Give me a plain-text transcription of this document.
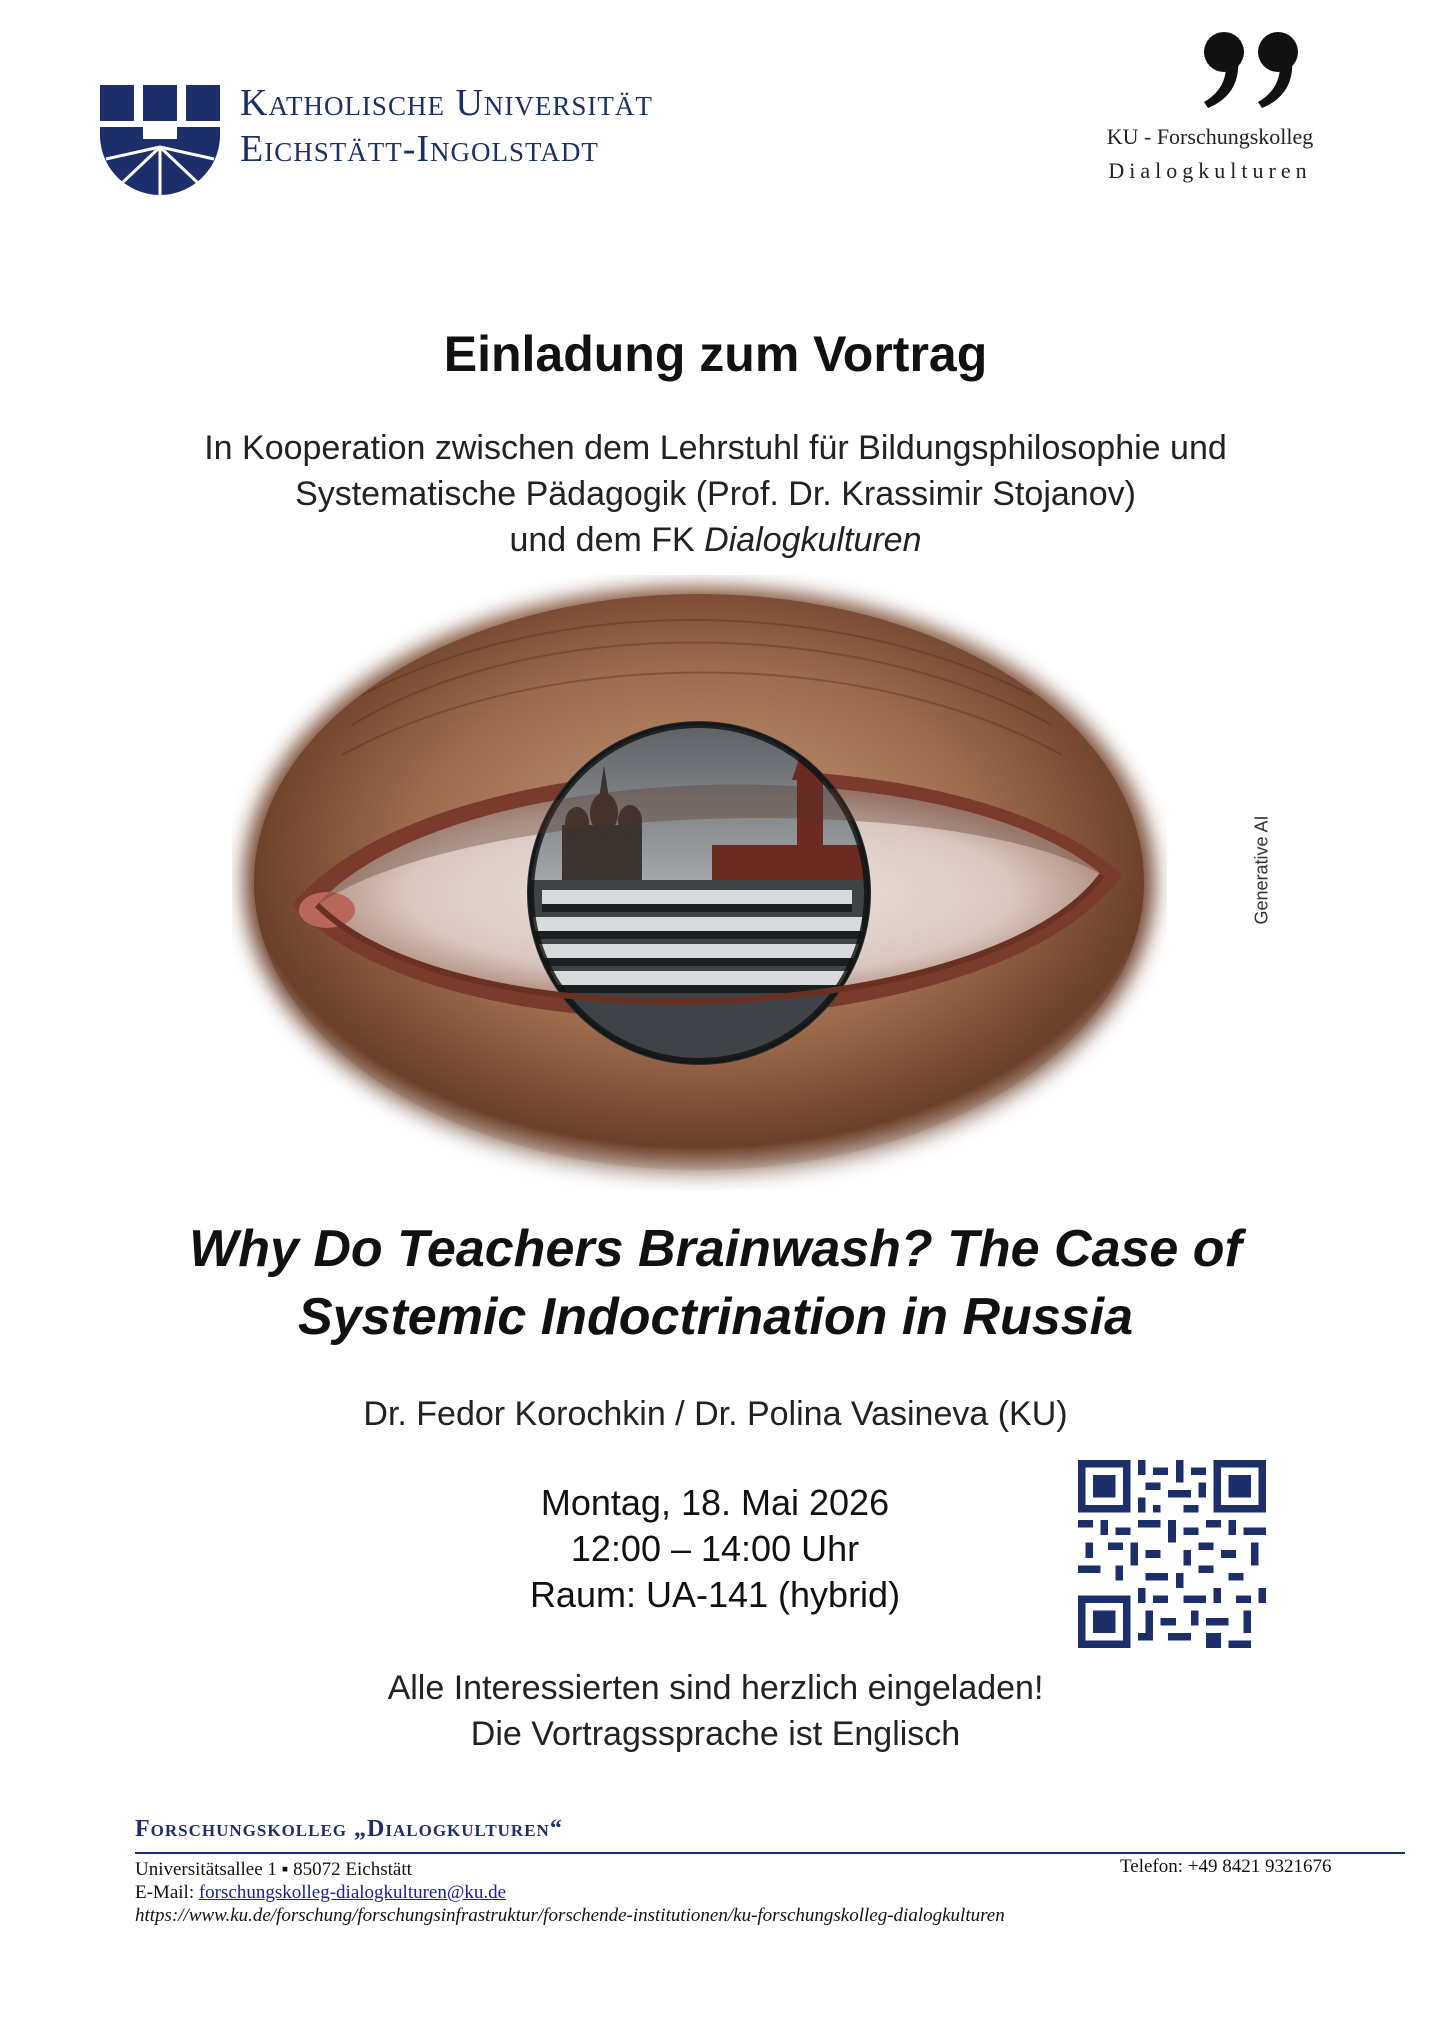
Katholische Universität
Eichstätt-Ingolstadt	KU - Forschungskolleg
Dialogkulturen
Einladung zum Vortrag
In Kooperation zwischen dem Lehrstuhl für Bildungsphilosophie und
Systematische Pädagogik (Prof. Dr. Krassimir Stojanov)
und dem FK Dialogkulturen
Generative AI
Why Do Teachers Brainwash? The Case of
Systemic Indoctrination in Russia
Dr. Fedor Korochkin / Dr. Polina Vasineva (KU)
Montag, 18. Mai 2026
12:00 – 14:00 Uhr
Raum: UA-141 (hybrid)
Alle Interessierten sind herzlich eingeladen!
Die Vortragssprache ist Englisch
Forschungskolleg „Dialogkulturen“
Universitätsallee 1 ▪ 85072 Eichstätt
E-Mail: forschungskolleg-dialogkulturen@ku.de
https://www.ku.de/forschung/forschungsinfrastruktur/forschende-institutionen/ku-forschungskolleg-dialogkulturen
Telefon: +49 8421 9321676
